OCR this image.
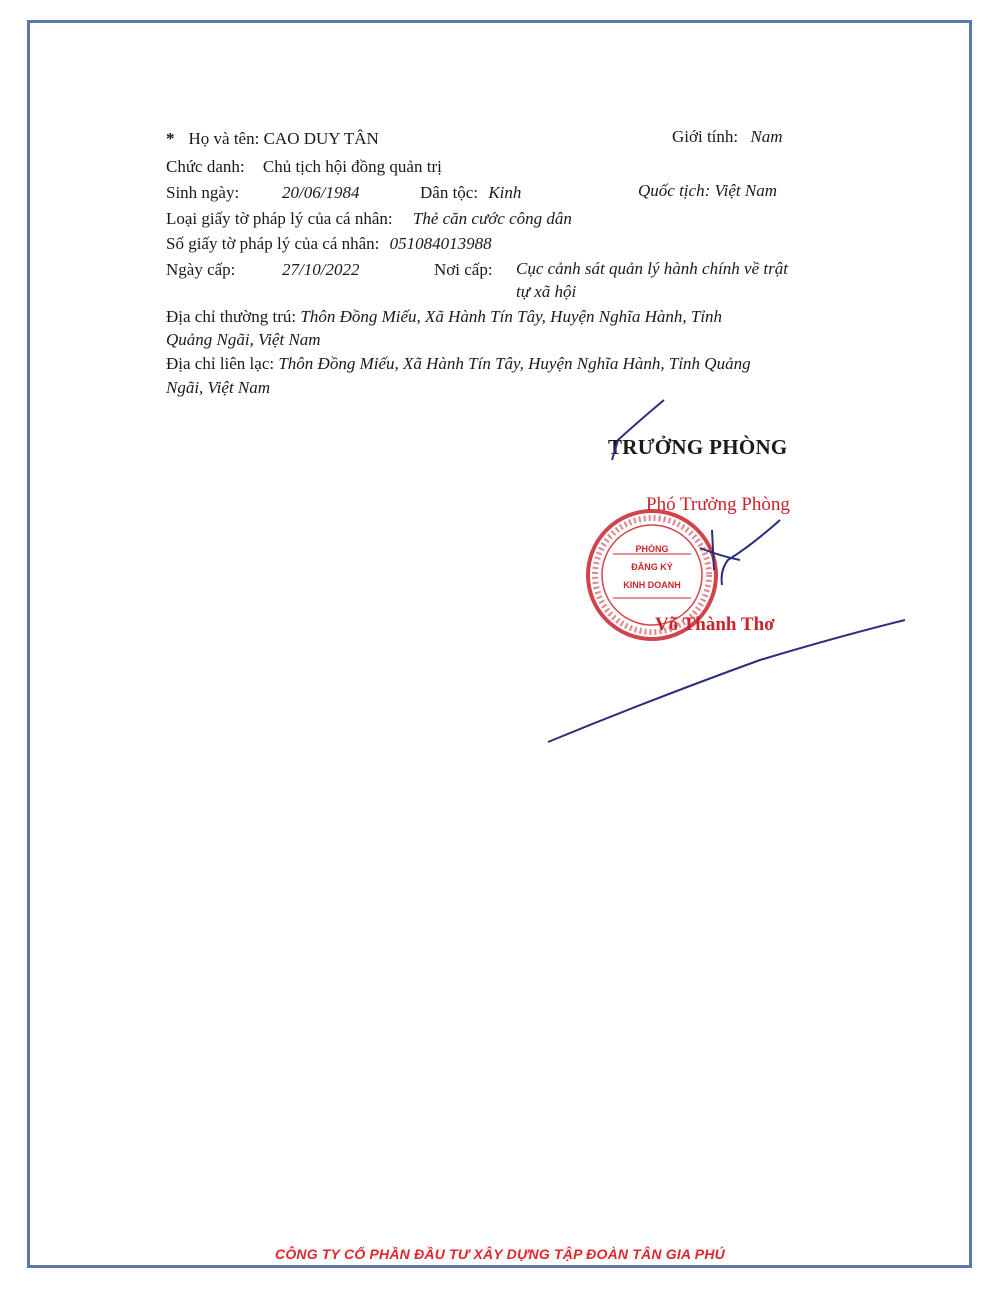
* Họ và tên: CAO DUY TÂN	Giới tính: Nam
Chức danh: Chủ tịch hội đồng quản trị
Sinh ngày:	20/06/1984	Dân tộc: Kinh	Quốc tịch: Việt Nam
Loại giấy tờ pháp lý của cá nhân: Thẻ căn cước công dân
Số giấy tờ pháp lý của cá nhân: 051084013988
Ngày cấp:	27/10/2022	Nơi cấp: Cục cảnh sát quản lý hành chính về trật
tự xã hội
Địa chỉ thường trú: Thôn Đồng Miếu, Xã Hành Tín Tây, Huyện Nghĩa Hành, Tỉnh
Quảng Ngãi, Việt Nam
Địa chỉ liên lạc: Thôn Đồng Miếu, Xã Hành Tín Tây, Huyện Nghĩa Hành, Tỉnh Quảng
Ngãi, Việt Nam
TRƯỞNG PHÒNG
Phó Trưởng Phòng
PHÒNG
ĐĂNG KÝ
KINH DOANH
Võ Thành Thơ
CÔNG TY CỔ PHẦN ĐẦU TƯ XÂY DỰNG TẬP ĐOÀN TÂN GIA PHÚ
